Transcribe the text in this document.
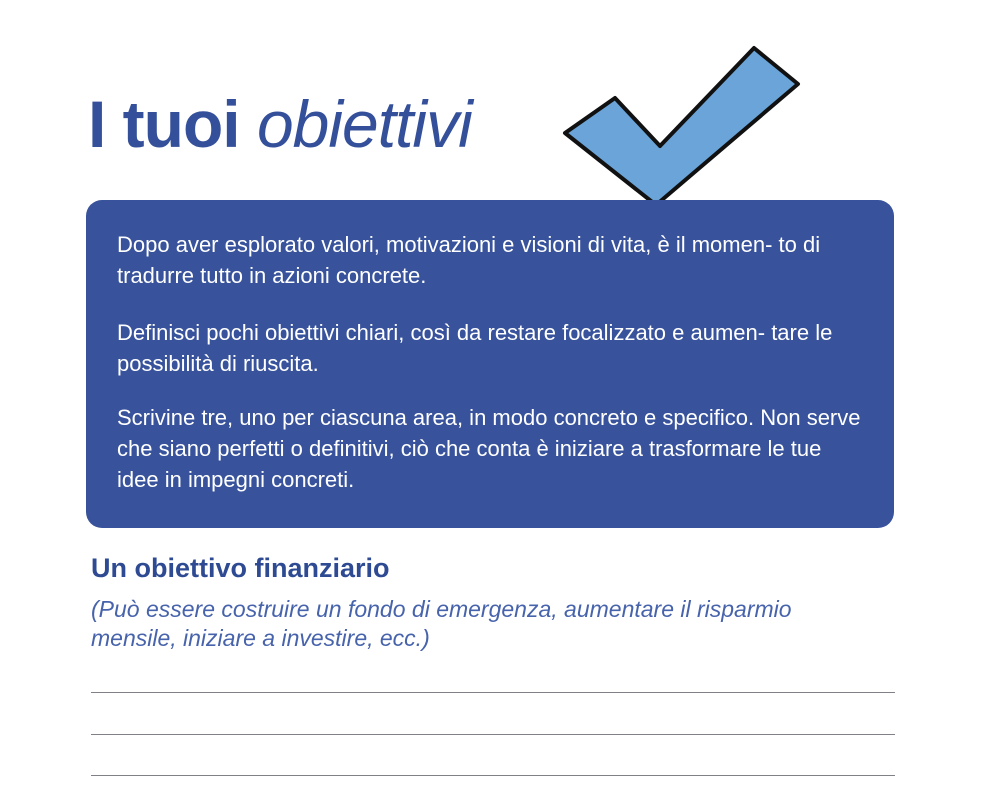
I tuoi obiettivi

Dopo aver esplorato valori, motivazioni e visioni di vita, è il momen- to di tradurre tutto in azioni concrete.

Definisci pochi obiettivi chiari, così da restare focalizzato e aumen- tare le possibilità di riuscita.

Scrivine tre, uno per ciascuna area, in modo concreto e specifico. Non serve che siano perfetti o definitivi, ciò che conta è iniziare a trasformare le tue idee in impegni concreti.

Un obiettivo finanziario

(Può essere costruire un fondo di emergenza, aumentare il risparmio mensile, iniziare a investire, ecc.)
